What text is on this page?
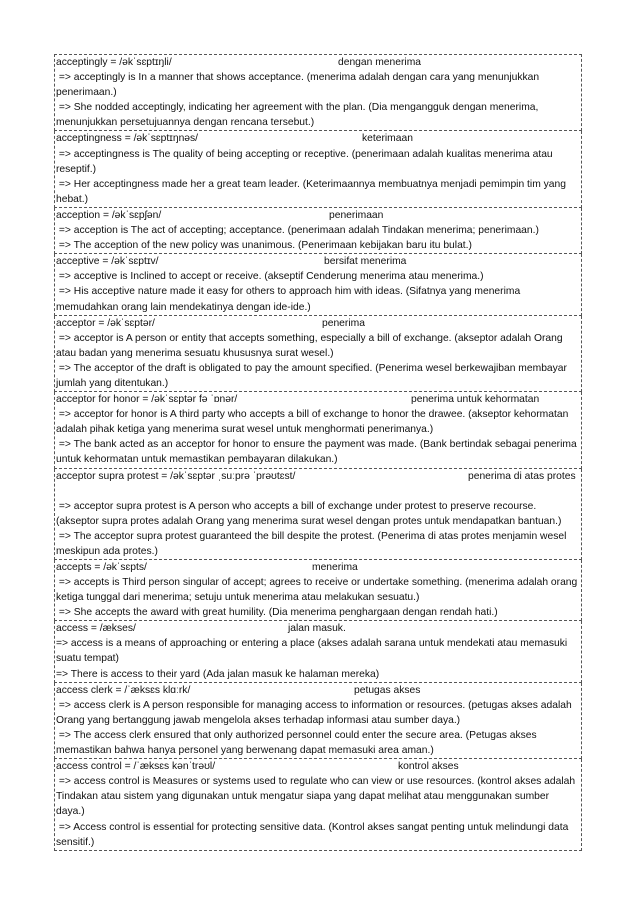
acceptingly = /əkˈsɛptɪŋli/	dengan menerima
=> acceptingly is In a manner that shows acceptance. (menerima adalah dengan cara yang menunjukkan penerimaan.)
=> She nodded acceptingly, indicating her agreement with the plan. (Dia mengangguk dengan menerima, menunjukkan persetujuannya dengan rencana tersebut.)
acceptingness = /əkˈsɛptɪŋnəs/	keterimaan
=> acceptingness is The quality of being accepting or receptive. (penerimaan adalah kualitas menerima atau reseptif.)
=> Her acceptingness made her a great team leader. (Keterimaannya membuatnya menjadi pemimpin tim yang hebat.)
acception = /əkˈsɛpʃən/	penerimaan
=> acception is The act of accepting; acceptance. (penerimaan adalah Tindakan menerima; penerimaan.)
=> The acception of the new policy was unanimous. (Penerimaan kebijakan baru itu bulat.)
acceptive = /əkˈsɛptɪv/	bersifat menerima
=> acceptive is Inclined to accept or receive. (akseptif Cenderung menerima atau menerima.)
=> His acceptive nature made it easy for others to approach him with ideas. (Sifatnya yang menerima memudahkan orang lain mendekatinya dengan ide-ide.)
acceptor = /əkˈsɛptər/	penerima
=> acceptor is A person or entity that accepts something, especially a bill of exchange. (akseptor adalah Orang atau badan yang menerima sesuatu khususnya surat wesel.)
=> The acceptor of the draft is obligated to pay the amount specified. (Penerima wesel berkewajiban membayar jumlah yang ditentukan.)
acceptor for honor = /əkˈsɛptər fə ˈɒnər/	penerima untuk kehormatan
=> acceptor for honor is A third party who accepts a bill of exchange to honor the drawee. (akseptor kehormatan adalah pihak ketiga yang menerima surat wesel untuk menghormati penerimanya.)
=> The bank acted as an acceptor for honor to ensure the payment was made. (Bank bertindak sebagai penerima untuk kehormatan untuk memastikan pembayaran dilakukan.)
acceptor supra protest = /əkˈsɛptər ˌsuːprə ˈprəʊtɛst/	penerima di atas protes
=> acceptor supra protest is A person who accepts a bill of exchange under protest to preserve recourse. (akseptor supra protes adalah Orang yang menerima surat wesel dengan protes untuk mendapatkan bantuan.)
=> The acceptor supra protest guaranteed the bill despite the protest. (Penerima di atas protes menjamin wesel meskipun ada protes.)
accepts = /əkˈsɛpts/	menerima
=> accepts is Third person singular of accept; agrees to receive or undertake something. (menerima adalah orang ketiga tunggal dari menerima; setuju untuk menerima atau melakukan sesuatu.)
=> She accepts the award with great humility. (Dia menerima penghargaan dengan rendah hati.)
access = /ækses/	jalan masuk.
=> access is a means of approaching or entering a place (akses adalah sarana untuk mendekati atau memasuki suatu tempat)
=> There is access to their yard (Ada jalan masuk ke halaman mereka)
access clerk = /ˈæksɛs klɑːrk/	petugas akses
=> access clerk is A person responsible for managing access to information or resources. (petugas akses adalah Orang yang bertanggung jawab mengelola akses terhadap informasi atau sumber daya.)
=> The access clerk ensured that only authorized personnel could enter the secure area. (Petugas akses memastikan bahwa hanya personel yang berwenang dapat memasuki area aman.)
access control = /ˈæksɛs kənˈtrəʊl/	kontrol akses
=> access control is Measures or systems used to regulate who can view or use resources. (kontrol akses adalah Tindakan atau sistem yang digunakan untuk mengatur siapa yang dapat melihat atau menggunakan sumber daya.)
=> Access control is essential for protecting sensitive data. (Kontrol akses sangat penting untuk melindungi data sensitif.)
